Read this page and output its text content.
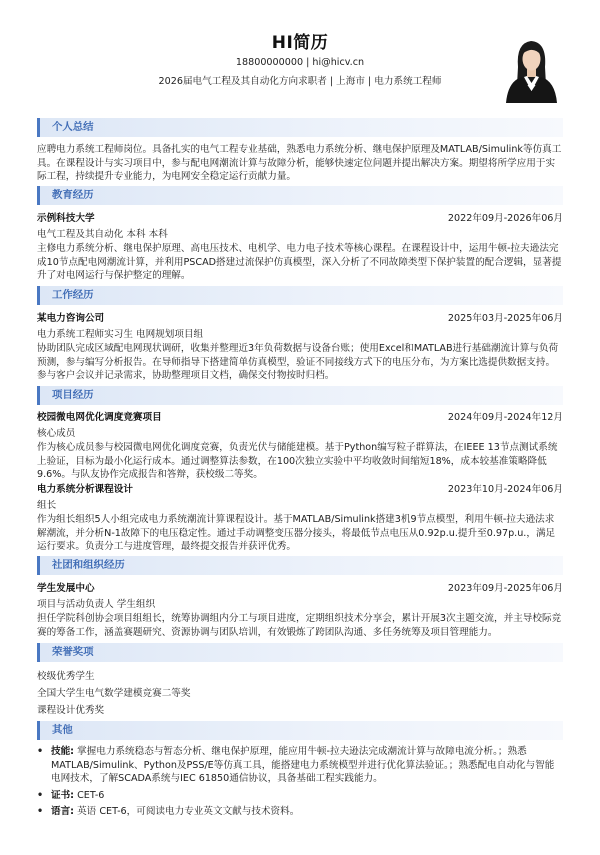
HI简历
18800000000 | hi@hicv.cn
2026届电气工程及其自动化方向求职者 | 上海市 | 电力系统工程师
个人总结
应聘电力系统工程师岗位。具备扎实的电气工程专业基础，熟悉电力系统分析、继电保护原理及MATLAB/Simulink等仿真工具。在课程设计与实习项目中，参与配电网潮流计算与故障分析，能够快速定位问题并提出解决方案。期望将所学应用于实际工程，持续提升专业能力，为电网安全稳定运行贡献力量。
教育经历
示例科技大学	2022年09月-2026年06月
电气工程及其自动化 本科 本科
主修电力系统分析、继电保护原理、高电压技术、电机学、电力电子技术等核心课程。在课程设计中，运用牛顿-拉夫逊法完成10节点配电网潮流计算，并利用PSCAD搭建过流保护仿真模型，深入分析了不同故障类型下保护装置的配合逻辑，显著提升了对电网运行与保护整定的理解。
工作经历
某电力咨询公司	2025年03月-2025年06月
电力系统工程师实习生 电网规划项目组
协助团队完成区域配电网现状调研，收集并整理近3年负荷数据与设备台账；使用Excel和MATLAB进行基础潮流计算与负荷预测，参与编写分析报告。在导师指导下搭建简单仿真模型，验证不同接线方式下的电压分布，为方案比选提供数据支持。参与客户会议并记录需求，协助整理项目文档，确保交付物按时归档。
项目经历
校园微电网优化调度竞赛项目	2024年09月-2024年12月
核心成员
作为核心成员参与校园微电网优化调度竞赛，负责光伏与储能建模。基于Python编写粒子群算法，在IEEE 13节点测试系统上验证，目标为最小化运行成本。通过调整算法参数，在100次独立实验中平均收敛时间缩短18%，成本较基准策略降低9.6%。与队友协作完成报告和答辩，获校级二等奖。
电力系统分析课程设计	2023年10月-2024年06月
组长
作为组长组织5人小组完成电力系统潮流计算课程设计。基于MATLAB/Simulink搭建3机9节点模型，利用牛顿-拉夫逊法求解潮流，并分析N-1故障下的电压稳定性。通过手动调整变压器分接头，将最低节点电压从0.92p.u.提升至0.97p.u.，满足运行要求。负责分工与进度管理，最终提交报告并获评优秀。
社团和组织经历
学生发展中心	2023年09月-2025年06月
项目与活动负责人 学生组织
担任学院科创协会项目组组长，统筹协调组内分工与项目进度，定期组织技术分享会，累计开展3次主题交流，并主导校际竞赛的筹备工作，涵盖赛题研究、资源协调与团队培训，有效锻炼了跨团队沟通、多任务统筹及项目管理能力。
荣誉奖项
校级优秀学生
全国大学生电气数学建模竞赛二等奖
课程设计优秀奖
其他
• 技能: 掌握电力系统稳态与暂态分析、继电保护原理，能应用牛顿-拉夫逊法完成潮流计算与故障电流分析。；熟悉MATLAB/Simulink、Python及PSS/E等仿真工具，能搭建电力系统模型并进行优化算法验证。；熟悉配电自动化与智能电网技术，了解SCADA系统与IEC 61850通信协议，具备基础工程实践能力。
• 证书: CET-6
• 语言: 英语 CET-6，可阅读电力专业英文文献与技术资料。
